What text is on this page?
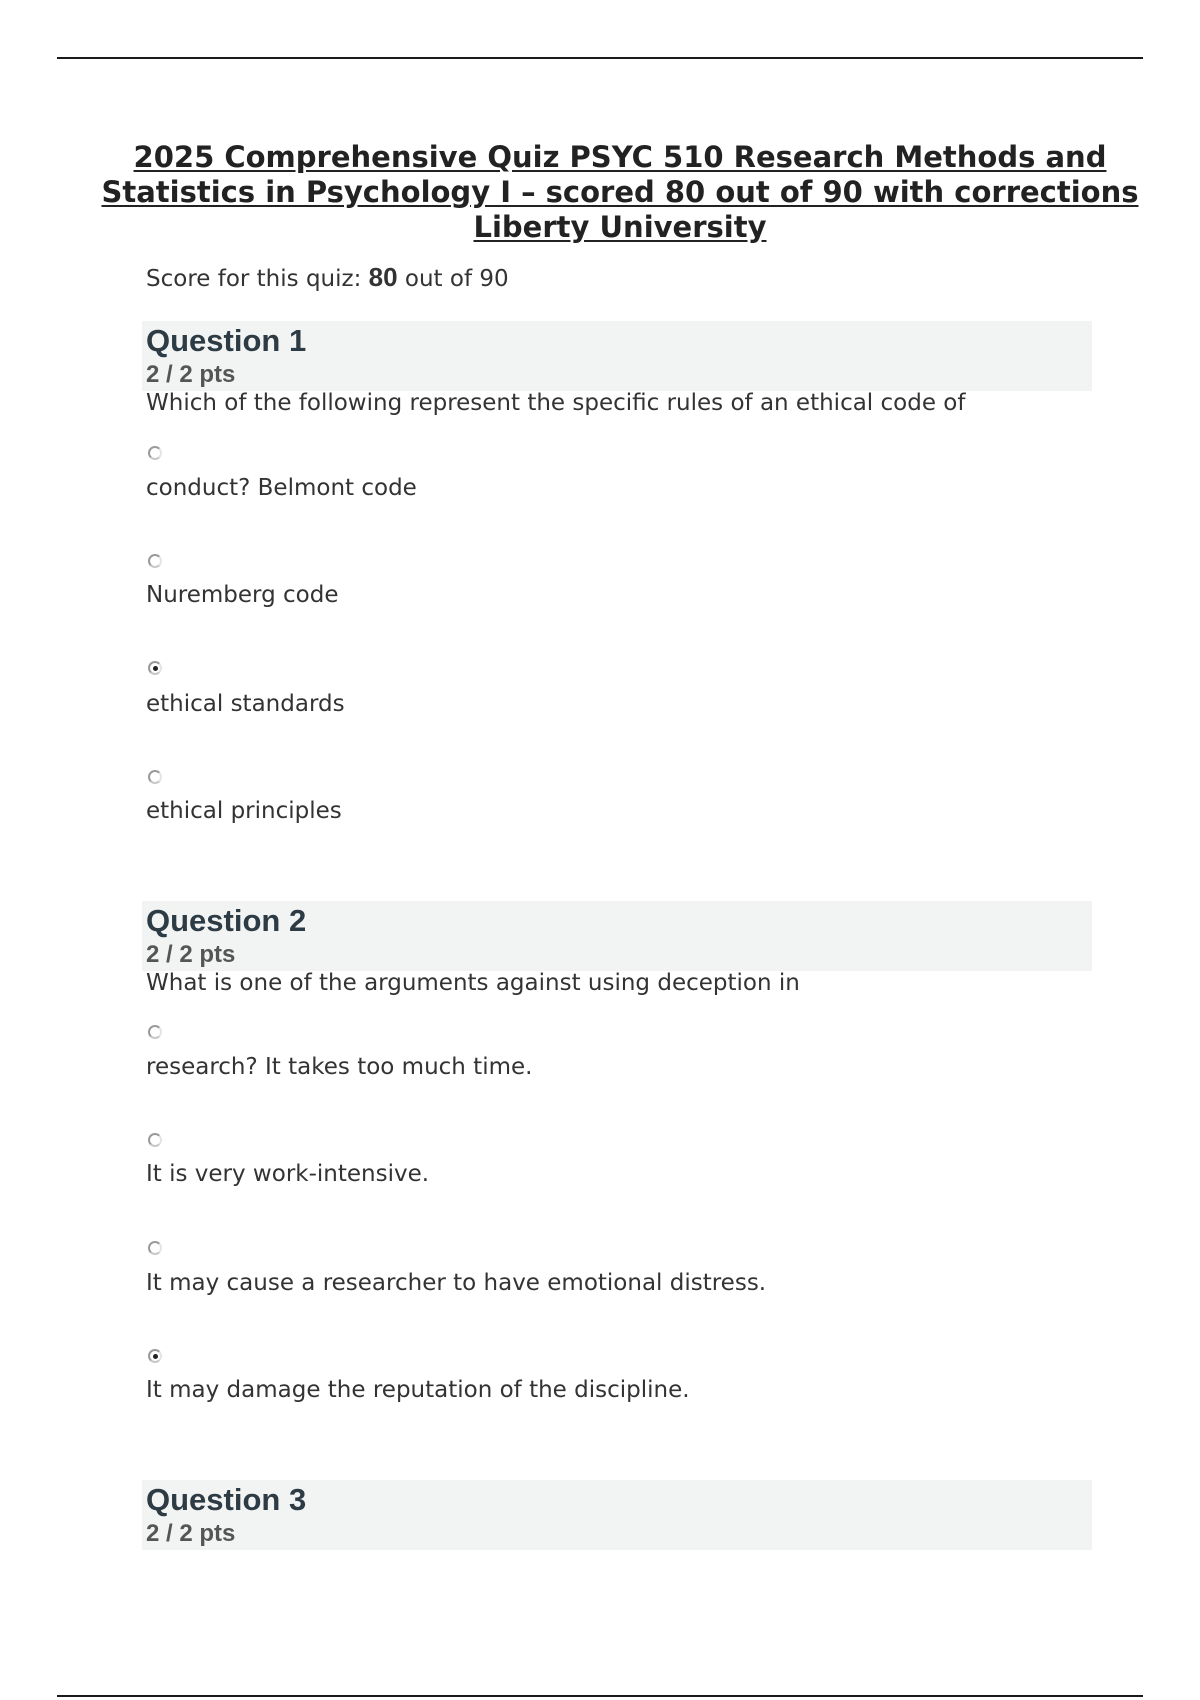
2025 Comprehensive Quiz PSYC 510 Research Methods and Statistics in Psychology I – scored 80 out of 90 with corrections Liberty University
Score for this quiz: 80 out of 90
Question 1
2 / 2 pts
Which of the following represent the specific rules of an ethical code of
conduct? Belmont code
Nuremberg code
ethical standards
ethical principles
Question 2
2 / 2 pts
What is one of the arguments against using deception in
research? It takes too much time.
It is very work-intensive.
It may cause a researcher to have emotional distress.
It may damage the reputation of the discipline.
Question 3
2 / 2 pts
